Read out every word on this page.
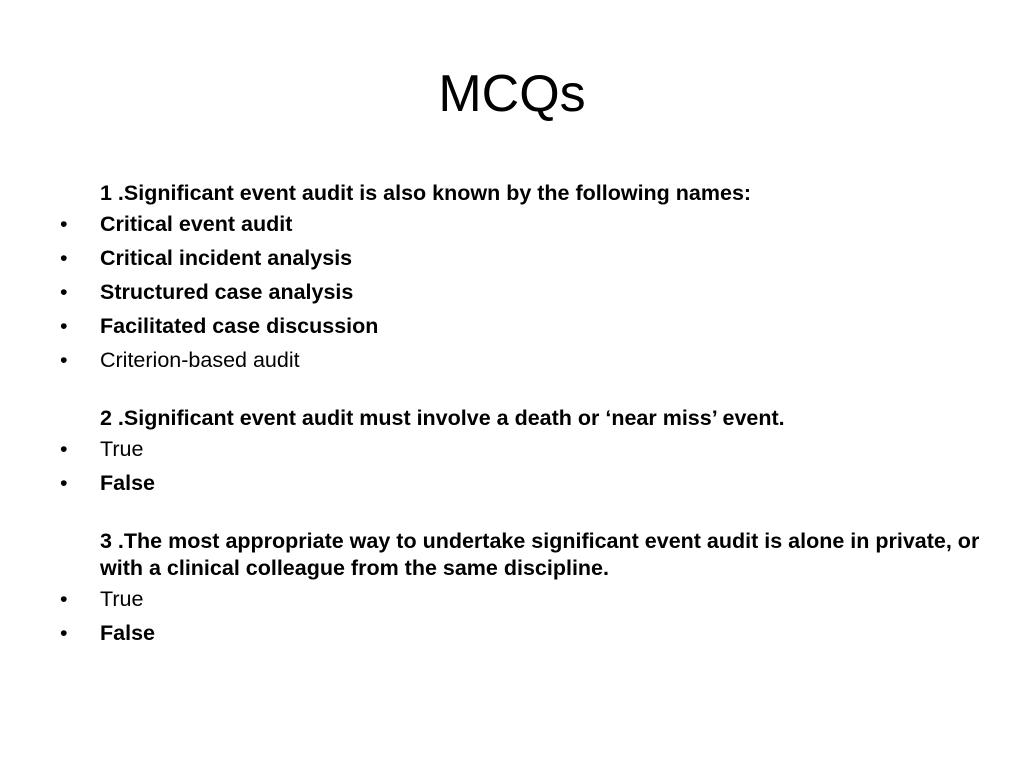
MCQs

1 .Significant event audit is also known by the following names:

•	Critical event audit
•	Critical incident analysis
•	Structured case analysis
•	Facilitated case discussion
•	Criterion-based audit

2 .Significant event audit must involve a death or ‘near miss’ event.

•	True
•	False

3 .The most appropriate way to undertake significant event audit is alone in private, or with a clinical colleague from the same discipline.

•	True
•	False
